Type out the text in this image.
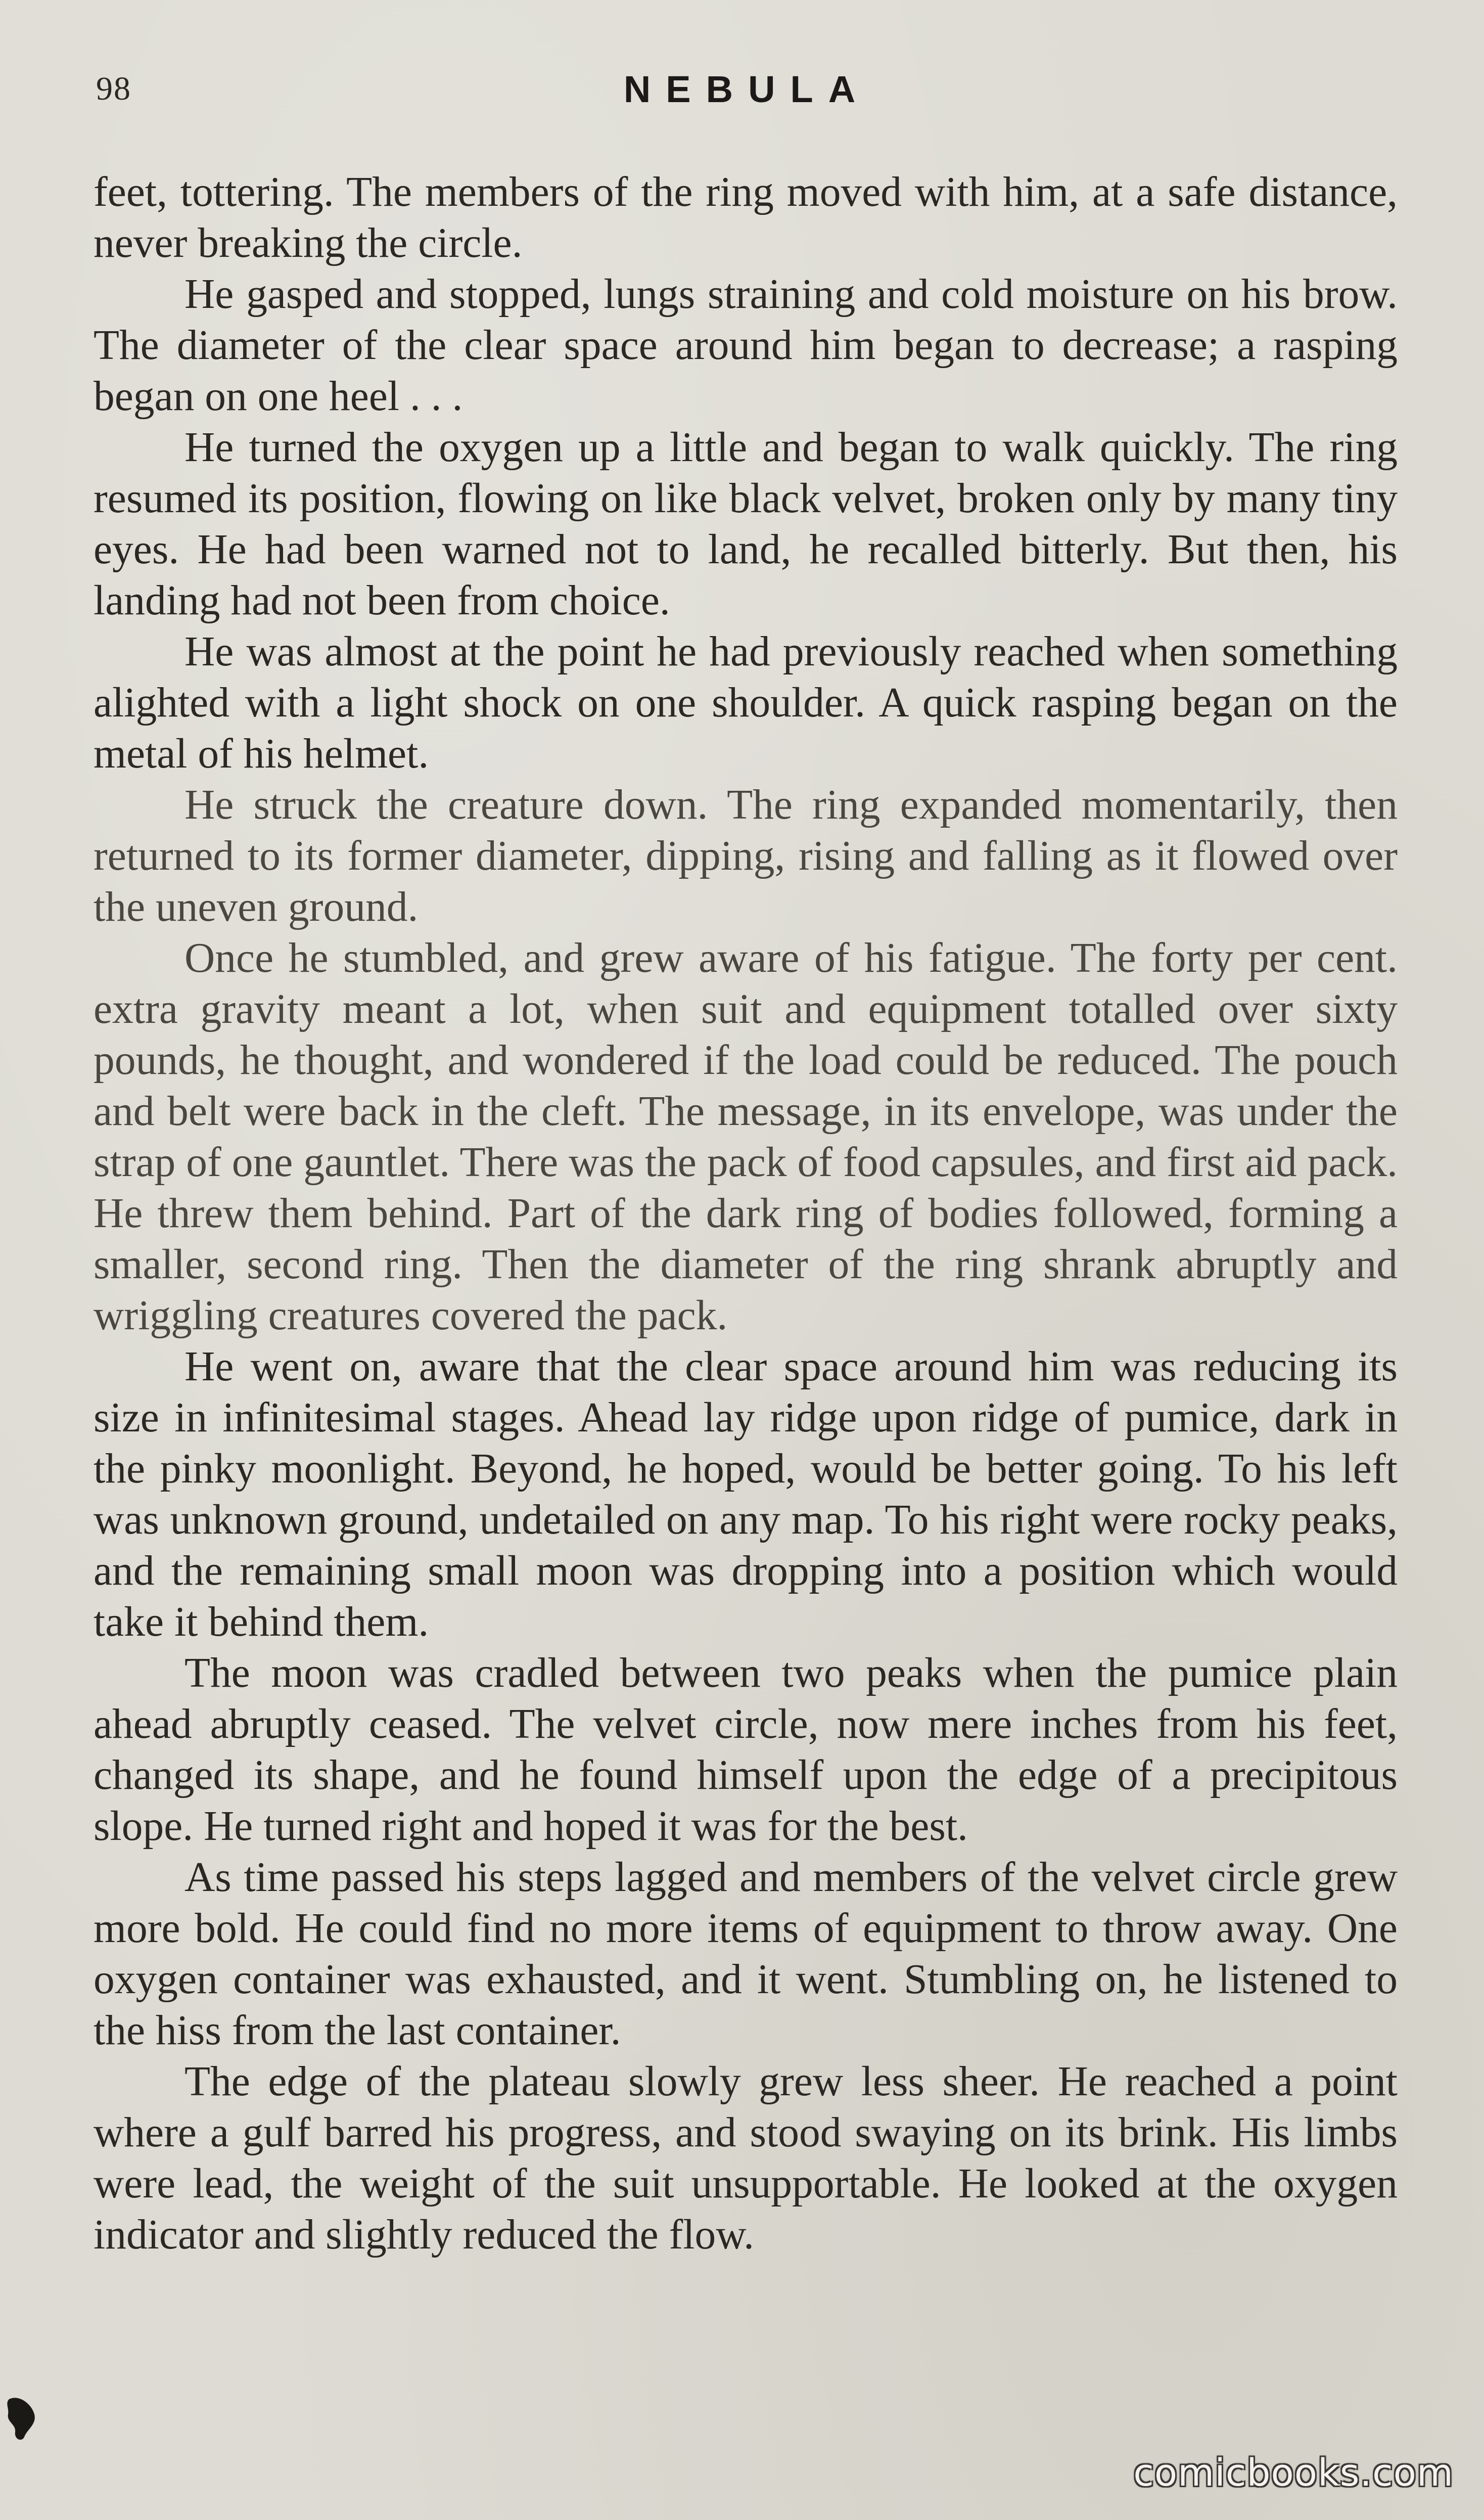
98	NEBULA

feet, tottering. The members of the ring moved with him, at a safe distance, never breaking the circle.

He gasped and stopped, lungs straining and cold moisture on his brow. The diameter of the clear space around him began to decrease; a rasping began on one heel . . .

He turned the oxygen up a little and began to walk quickly. The ring resumed its position, flowing on like black velvet, broken only by many tiny eyes. He had been warned not to land, he recalled bitterly. But then, his landing had not been from choice.

He was almost at the point he had previously reached when something alighted with a light shock on one shoulder. A quick rasping began on the metal of his helmet.

He struck the creature down. The ring expanded momentarily, then returned to its former diameter, dipping, rising and falling as it flowed over the uneven ground.

Once he stumbled, and grew aware of his fatigue. The forty per cent. extra gravity meant a lot, when suit and equipment totalled over sixty pounds, he thought, and wondered if the load could be reduced. The pouch and belt were back in the cleft. The message, in its envelope, was under the strap of one gauntlet. There was the pack of food capsules, and first aid pack. He threw them behind. Part of the dark ring of bodies followed, forming a smaller, second ring. Then the diameter of the ring shrank abruptly and wriggling creatures covered the pack.

He went on, aware that the clear space around him was reducing its size in infinitesimal stages. Ahead lay ridge upon ridge of pumice, dark in the pinky moonlight. Beyond, he hoped, would be better going. To his left was unknown ground, undetailed on any map. To his right were rocky peaks, and the remaining small moon was dropping into a position which would take it behind them.

The moon was cradled between two peaks when the pumice plain ahead abruptly ceased. The velvet circle, now mere inches from his feet, changed its shape, and he found himself upon the edge of a precipitous slope. He turned right and hoped it was for the best.

As time passed his steps lagged and members of the velvet circle grew more bold. He could find no more items of equipment to throw away. One oxygen container was exhausted, and it went. Stumbling on, he listened to the hiss from the last container.

The edge of the plateau slowly grew less sheer. He reached a point where a gulf barred his progress, and stood swaying on its brink. His limbs were lead, the weight of the suit unsupportable. He looked at the oxygen indicator and slightly reduced the flow.

comicbooks.com
